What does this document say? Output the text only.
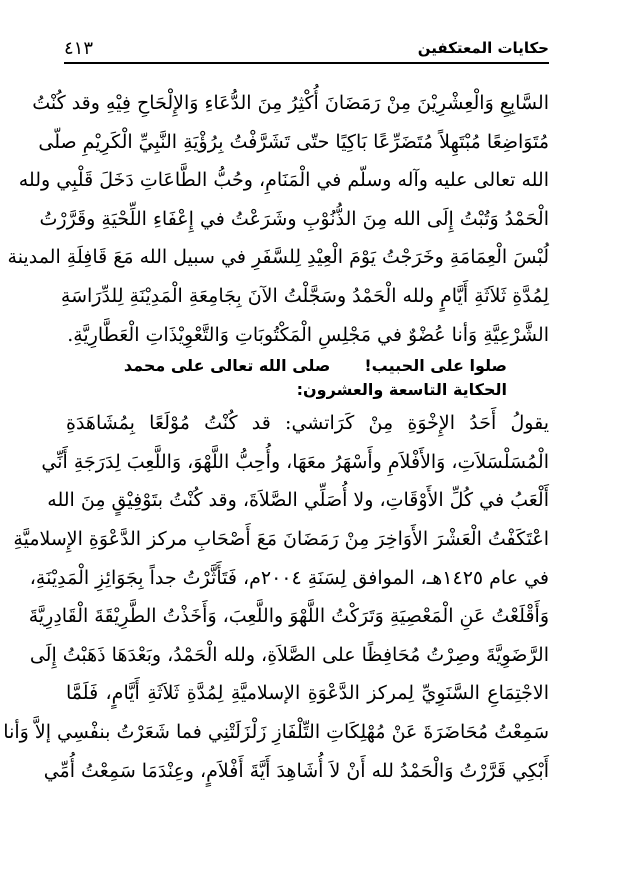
حكايات المعتكفين
٤١٣
السَّابِعِ وَالْعِشْرِيْنَ مِنْ رَمَضَانَ أُكْثِرُ مِنَ الدُّعَاءِ وَالإِلْحَاحِ فِيْهِ وقد كُنْتُ
مُتَوَاضِعًا مُبْتَهِلاً مُتَضَرِّعًا بَاكِيًا حتّى تَشَرَّفْتُ بِرُؤْيَةِ النَّبِيِّ الْكَرِيْمِ صلّى
الله تعالى عليه وآله وسلّم في الْمَنَامِ، وحُبُّ الطَّاعَاتِ دَخَلَ قَلْبِي ولله
الْحَمْدُ وَتُبْتُ إِلَى الله مِنَ الذُّنُوْبِ وشَرَعْتُ في إِعْفَاءِ اللِّحْيَةِ وقَرَّرْتُ
لُبْسَ الْعِمَامَةِ وخَرَجْتُ يَوْمَ الْعِيْدِ لِلسَّفَرِ في سبيل الله مَعَ قَافِلَةِ المدينة
لِمُدَّةِ ثَلاَثَةِ أَيَّامٍ ولله الْحَمْدُ وسَجَّلْتُ الآنَ بِجَامِعَةِ الْمَدِيْنَةِ لِلدِّرَاسَةِ
الشَّرْعِيَّةِ وَأنا عُضْوٌ في مَجْلِسِ الْمَكْتُوبَاتِ وَالتَّعْوِيْذَاتِ الْعَطَّارِيَّةِ.
صلوا على الحبيب!
صلى الله تعالى على محمد
الحكاية التاسعة والعشرون:
يقولُ أَحَدُ الإِخْوَةِ مِنْ كَرَاتشي: قد كُنْتُ مُوْلَعًا بِمُشَاهَدَةِ
الْمُسَلْسَلاَتِ، وَالأَفْلاَمِ وأَسْهَرُ معَهَا، وأُحِبُّ اللَّهْوَ، وَاللَّعِبَ لِدَرَجَةِ أَنِّي
أَلْعَبُ في كُلِّ الأَوْقَاتِ، ولا أُصَلِّي الصَّلاَةَ، وقد كُنْتُ بتَوْفِيْقٍ مِنَ الله
اعْتَكَفْتُ الْعَشْرَ الأَوَاخِرَ مِنْ رَمَضَانَ مَعَ أَصْحَابِ مركز الدَّعْوَةِ الإِسلاميَّةِ
في عام ١٤٢٥هـ، الموافق لِسَنَةِ ٢٠٠٤م، فَتَأَثَّرْتُ جداً بِجَوَائِزِ الْمَدِيْنَةِ،
وَأَقْلَعْتُ عَنِ الْمَعْصِيَةِ وَتَرَكْتُ اللَّهْوَ واللَّعِبَ، وَأَخَذْتُ الطَّرِيْقَةَ الْقَادِرِيَّةَ
الرَّضَوِيَّةَ وصِرْتُ مُحَافِظًا على الصَّلاَةِ، ولله الْحَمْدُ، وبَعْدَهَا ذَهَبْتُ إِلَى
الاجْتِمَاعِ السَّنَوِيِّ لِمركز الدَّعْوَةِ الإسلاميَّةِ لِمُدَّةِ ثَلاَثَةِ أَيَّامٍ، فَلَمَّا
سَمِعْتُ مُحَاضَرَةَ عَنْ مُهْلِكَاتِ التِّلْفَازِ زَلْزَلَتْنِي فما شَعَرْتُ بنفْسِي إلاَّ وَأنا
أَبْكِي قَرَّرْتُ وَالْحَمْدُ لله أَنْ لاَ أُشَاهِدَ أَيَّةَ أَفْلاَمٍ، وعِنْدَمَا سَمِعْتُ أُمِّي
